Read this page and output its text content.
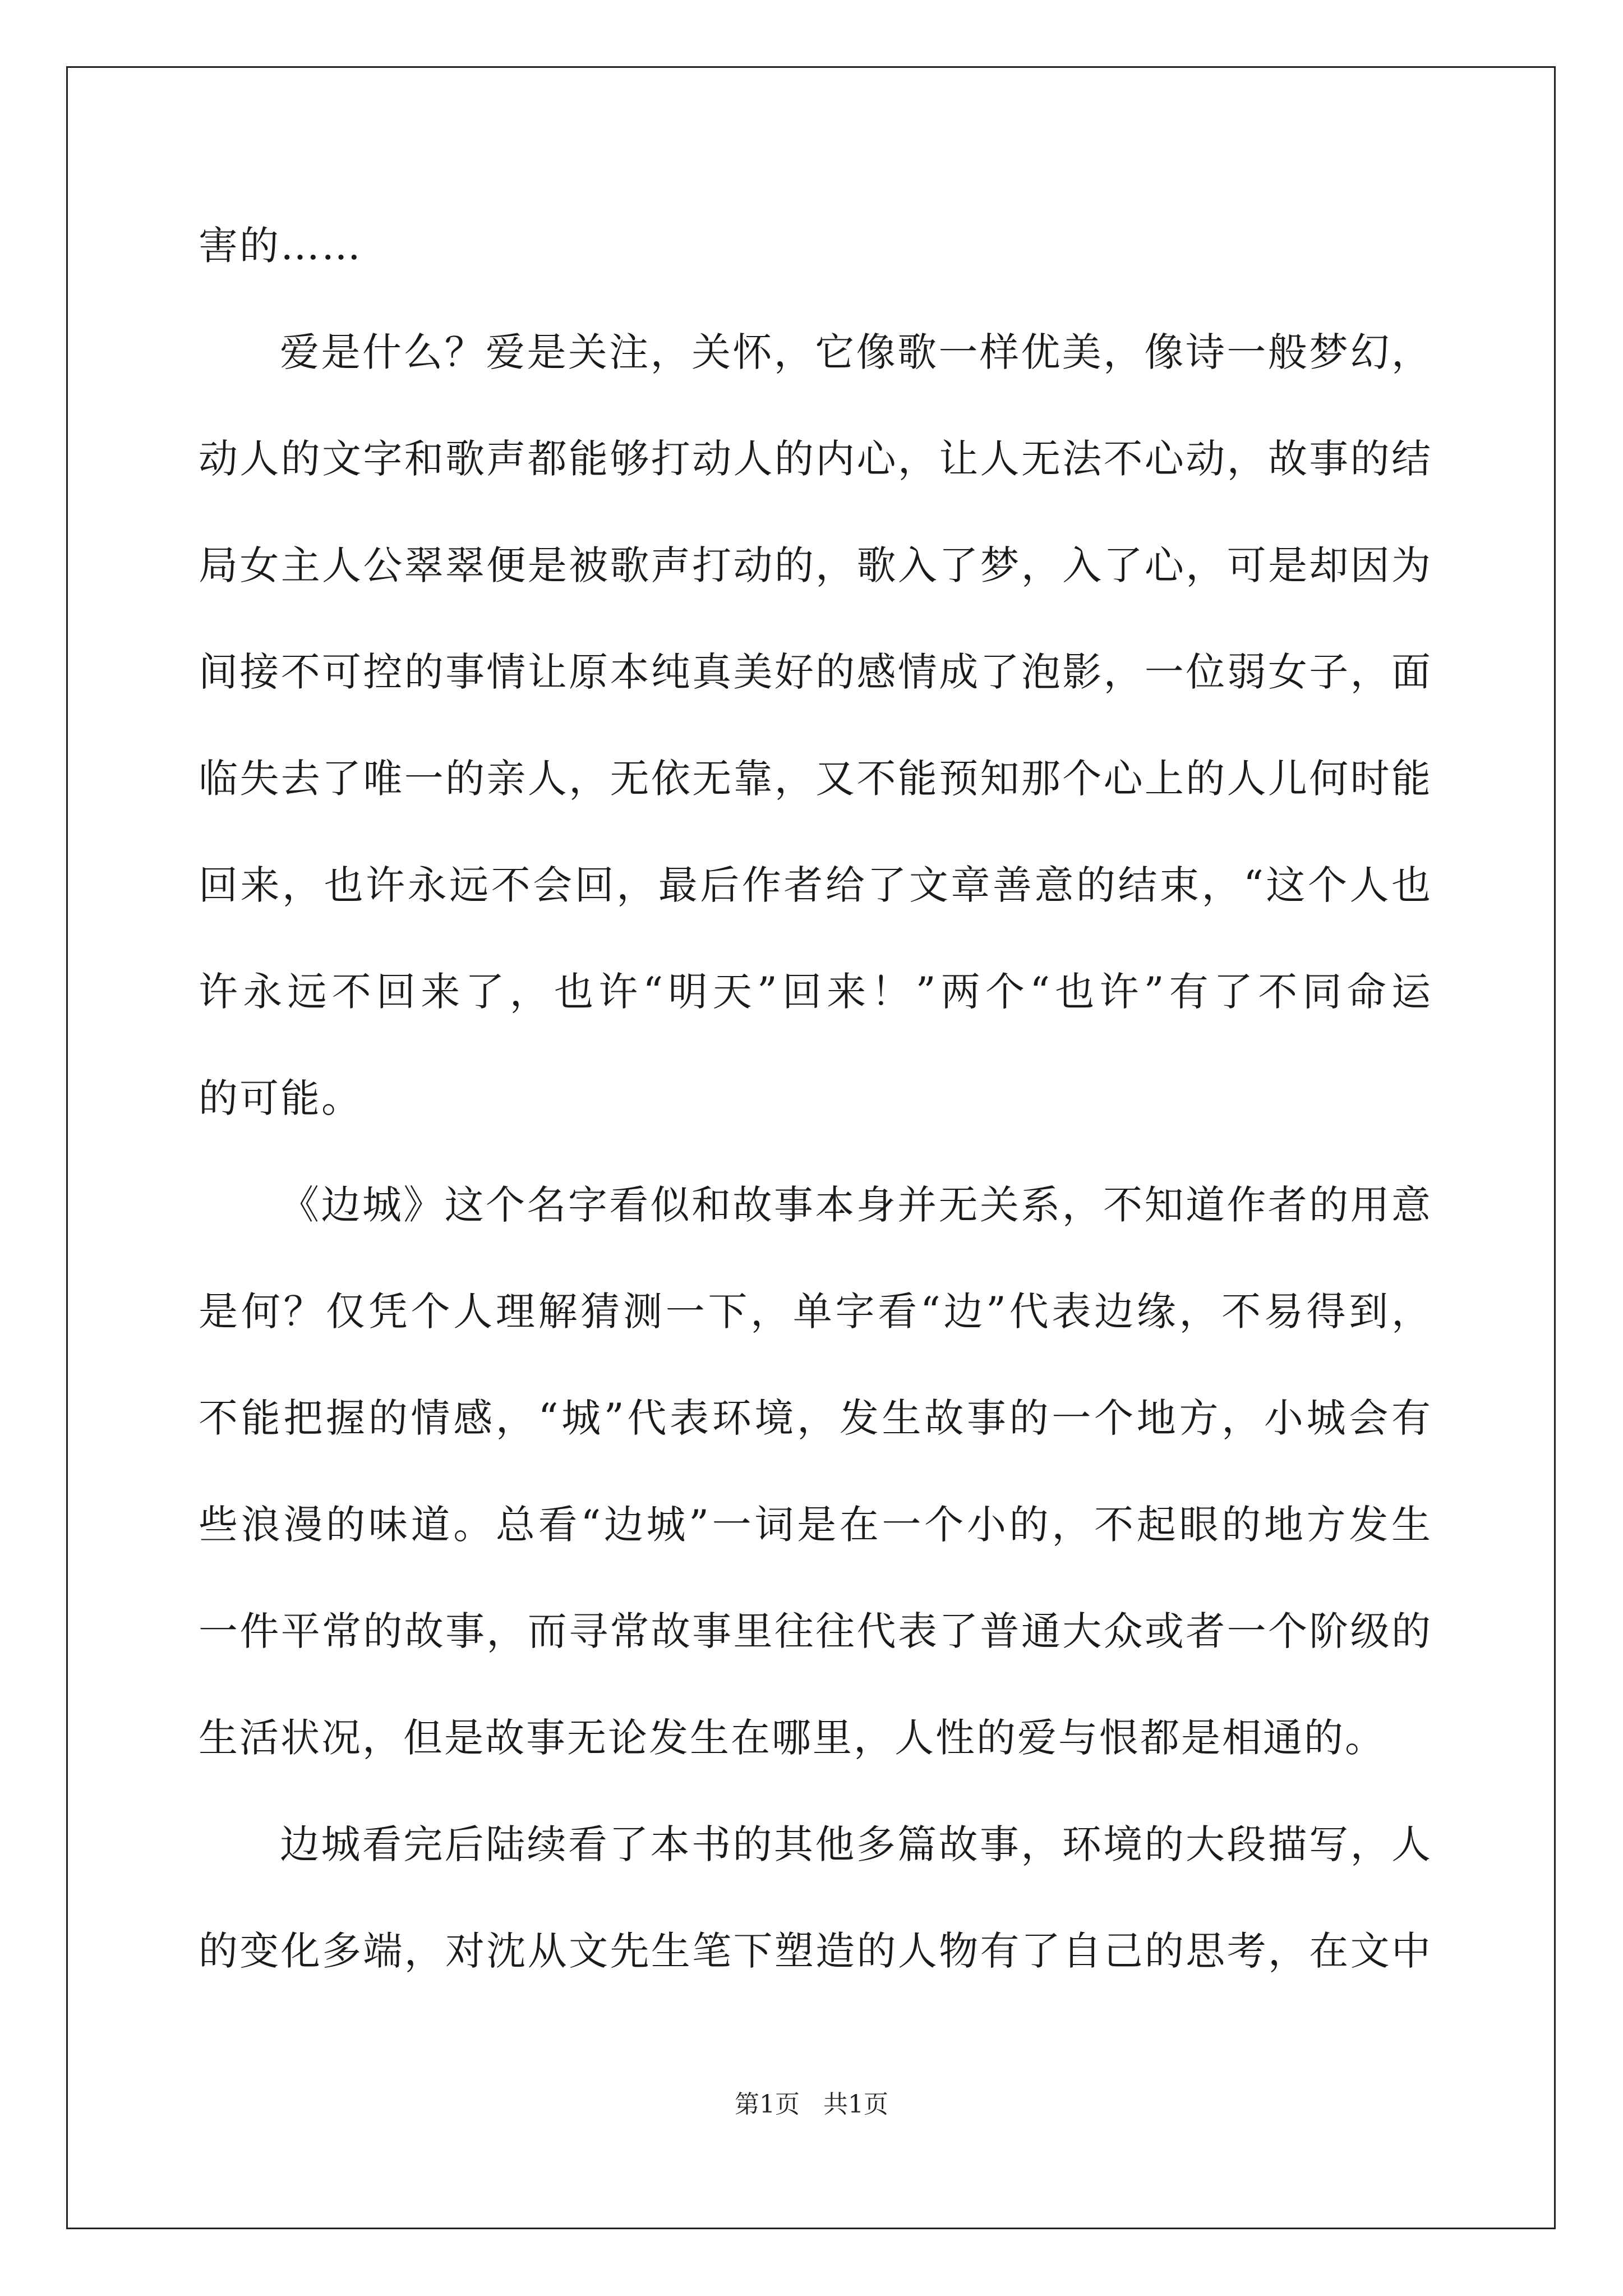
害的……
爱是什么？爱是关注，关怀，它像歌一样优美，像诗一般梦幻，
动人的文字和歌声都能够打动人的内心，让人无法不心动，故事的结
局女主人公翠翠便是被歌声打动的，歌入了梦，入了心，可是却因为
间接不可控的事情让原本纯真美好的感情成了泡影，一位弱女子，面
临失去了唯一的亲人，无依无靠，又不能预知那个心上的人儿何时能
回来，也许永远不会回，最后作者给了文章善意的结束，“这个人也
许永远不回来了，也许“明天”回来！”两个“也许”有了不同命运
的可能。
《边城》这个名字看似和故事本身并无关系，不知道作者的用意
是何？仅凭个人理解猜测一下，单字看“边”代表边缘，不易得到，
不能把握的情感，“城”代表环境，发生故事的一个地方，小城会有
些浪漫的味道。总看“边城”一词是在一个小的，不起眼的地方发生
一件平常的故事，而寻常故事里往往代表了普通大众或者一个阶级的
生活状况，但是故事无论发生在哪里，人性的爱与恨都是相通的。
边城看完后陆续看了本书的其他多篇故事，环境的大段描写，人
的变化多端，对沈从文先生笔下塑造的人物有了自己的思考，在文中
第1页 共1页
